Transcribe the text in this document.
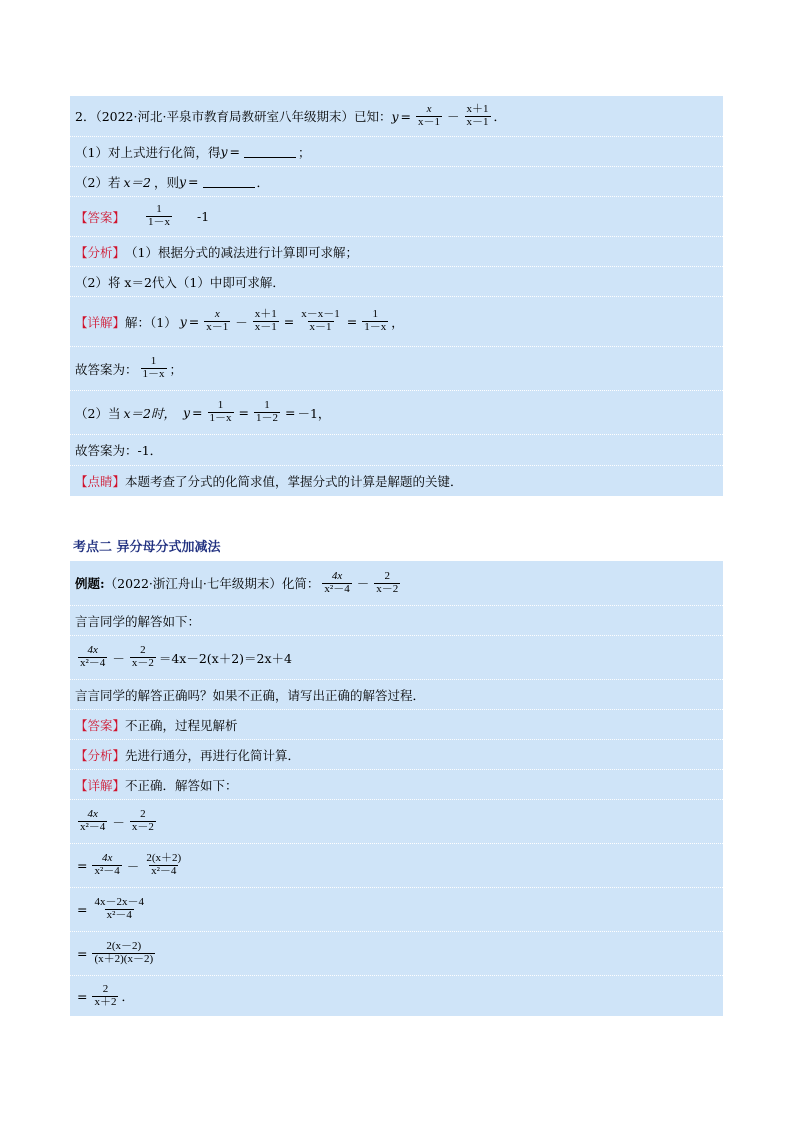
2．（2022·河北·平泉市教育局教研室八年级期末）已知： $y = \frac{x}{x-1} - \frac{x+1}{x-1}$ ．
（1）对上式进行化简，得 y =	；
（2）若 x＝2 ，则 y =	．
【答案】 $\frac{1}{1-x} -1$
【分析】 （1）根据分式的减法进行计算即可求解；
（2）将 x＝2代入（1）中即可求解．
【详解】 解：（1） $y = \frac{x}{x-1} - \frac{x+1}{x-1} = \frac{x-x-1}{x-1} = \frac{1}{1-x}$ ，
故答案为： $\frac{1}{1-x}$ ；
（2）当 x＝2时， $y = \frac{1}{1-x} = \frac{1}{1-2} = -1$，
故答案为：-1．
【点睛】 本题考查了分式的化简求值，掌握分式的计算是解题的关键．
考点二 异分母分式加减法
例题: （2022·浙江舟山·七年级期末）化简： $\frac{4x}{\text{x²－4}} - \frac{2}{x-2}$
言言同学的解答如下：
$\frac{4x}{\text{x²－4}} - \frac{2}{x-2} =4x-2(x+2)=2x+4$
言言同学的解答正确吗？如果不正确，请写出正确的解答过程．
【答案】 不正确，过程见解析
【分析】 先进行通分，再进行化简计算．
【详解】 不正确．解答如下：
$\frac{4x}{\text{x²－4}} - \frac{2}{x-2}$
= $\frac{4x}{\text{x²－4}} - \frac{2(x+2)}{\text{x²－4}}$
= $\frac{4x-2x-4}{\text{x²－4}}$
= $\frac{2(x-2)}{(x+2)(x-2)}$
= $\frac{2}{x+2}$ ．
